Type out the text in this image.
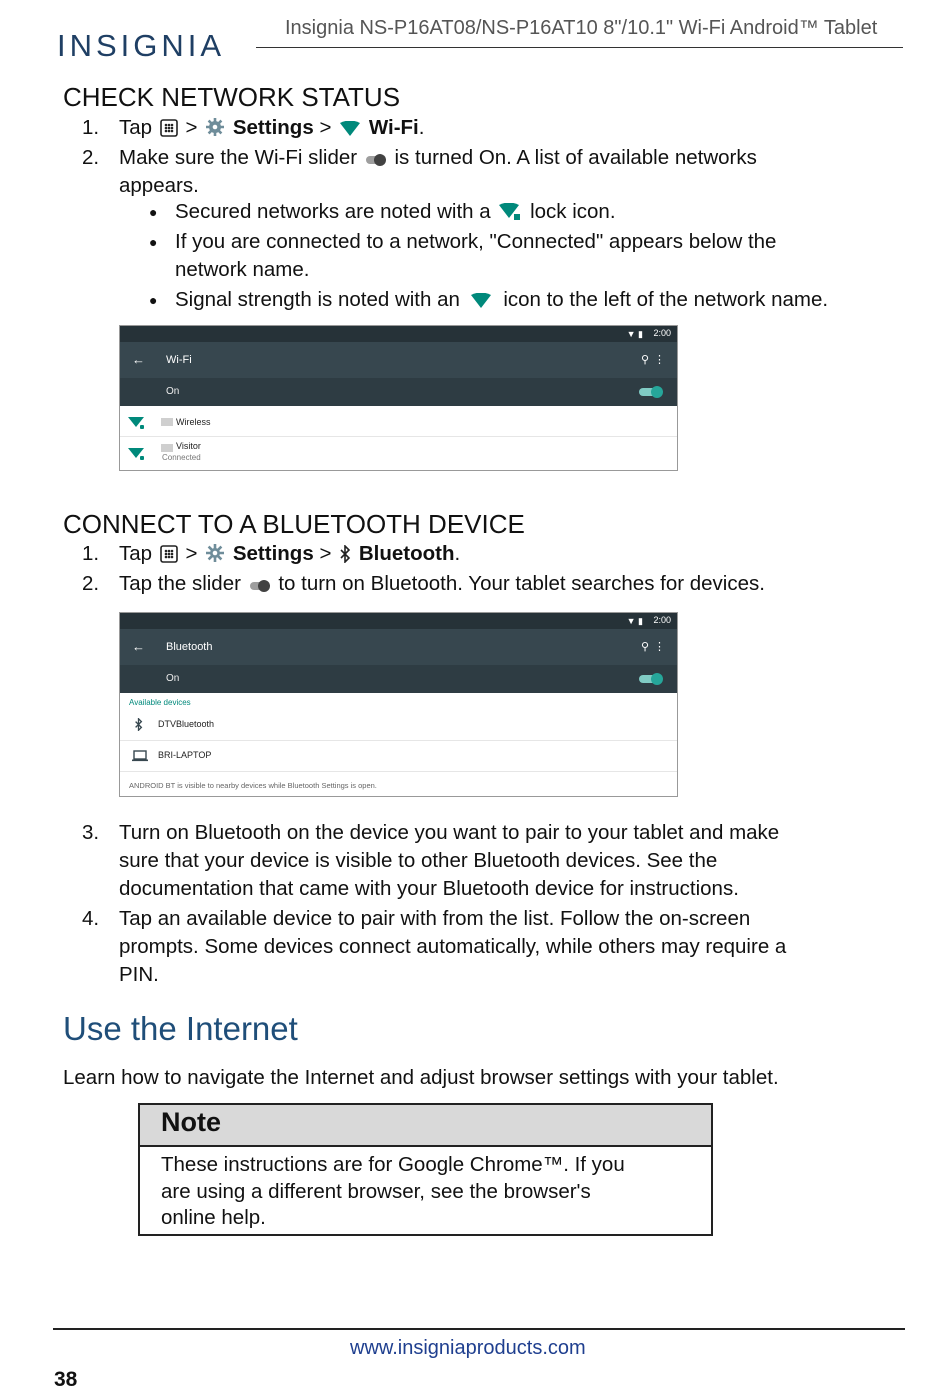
INSIGNIA	Insignia NS-P16AT08/NS-P16AT10 8"/10.1" Wi-Fi Android™ Tablet
CHECK NETWORK STATUS
1. Tap > Settings > Wi-Fi.
2. Make sure the Wi-Fi slider is turned On. A list of available networks
appears.
● Secured networks are noted with a lock icon.
● If you are connected to a network, "Connected" appears below the
network name.
● Signal strength is noted with an icon to the left of the network name.
▼ ▮ 2:00
← Wi-Fi	⚲ ⋮
On
Wireless
Visitor
Connected
CONNECT TO A BLUETOOTH DEVICE
1. Tap > Settings > Bluetooth.
2. Tap the slider to turn on Bluetooth. Your tablet searches for devices.
▼ ▮ 2:00
← Bluetooth	⚲ ⋮
On
Available devices
DTVBluetooth
BRI-LAPTOP
ANDROID BT is visible to nearby devices while Bluetooth Settings is open.
3. Turn on Bluetooth on the device you want to pair to your tablet and make
sure that your device is visible to other Bluetooth devices. See the
documentation that came with your Bluetooth device for instructions.
4. Tap an available device to pair with from the list. Follow the on-screen
prompts. Some devices connect automatically, while others may require a
PIN.
Use the Internet
Learn how to navigate the Internet and adjust browser settings with your tablet.
Note
These instructions are for Google Chrome™. If you
are using a different browser, see the browser's
online help.
www.insigniaproducts.com
38
